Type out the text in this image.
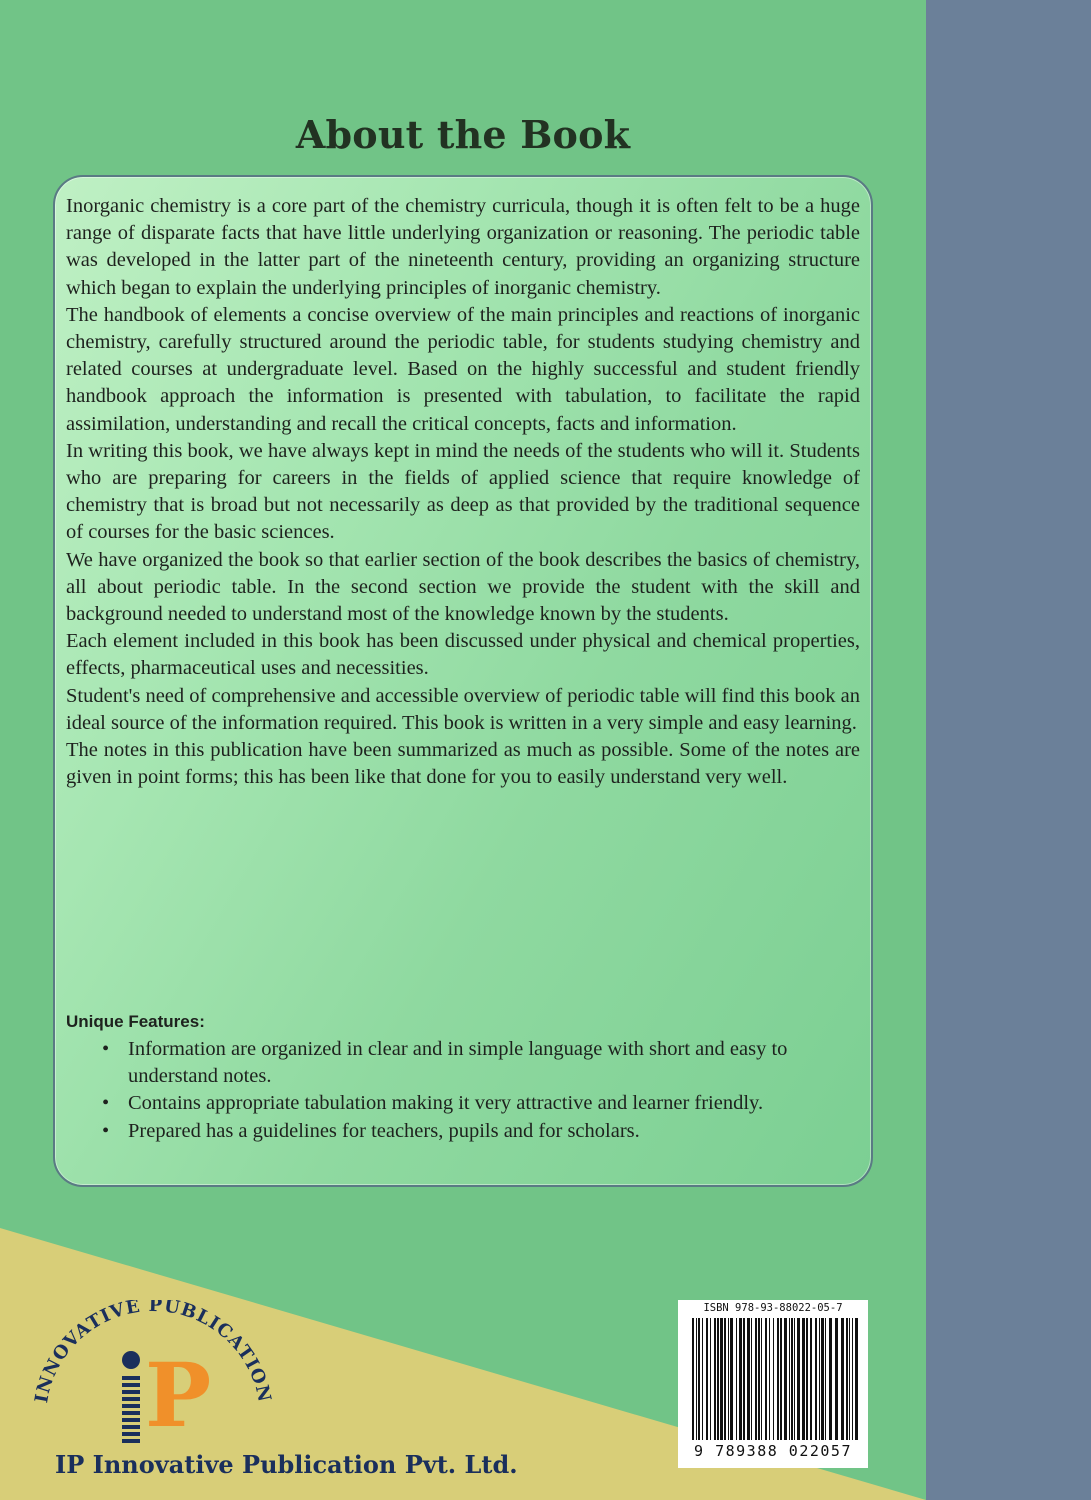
About the Book

Inorganic chemistry is a core part of the chemistry curricula, though it is often felt to be a huge range of disparate facts that have little underlying organization or reasoning. The periodic table was developed in the latter part of the nineteenth century, providing an organizing structure which began to explain the underlying principles of inorganic chemistry.

The handbook of elements a concise overview of the main principles and reactions of inorganic chemistry, carefully structured around the periodic table, for students studying chemistry and related courses at undergraduate level. Based on the highly successful and student friendly handbook approach the information is presented with tabulation, to facilitate the rapid assimilation, understanding and recall the critical concepts, facts and information.

In writing this book, we have always kept in mind the needs of the students who will it. Students who are preparing for careers in the fields of applied science that require knowledge of chemistry that is broad but not necessarily as deep as that provided by the traditional sequence of courses for the basic sciences.

We have organized the book so that earlier section of the book describes the basics of chemistry, all about periodic table. In the second section we provide the student with the skill and background needed to understand most of the knowledge known by the students.

Each element included in this book has been discussed under physical and chemical properties, effects, pharmaceutical uses and necessities.

Student's need of comprehensive and accessible overview of periodic table will find this book an ideal source of the information required. This book is written in a very simple and easy learning.

The notes in this publication have been summarized as much as possible. Some of the notes are given in point forms; this has been like that done for you to easily understand very well.

Unique Features:
• Information are organized in clear and in simple language with short and easy to understand notes.
• Contains appropriate tabulation making it very attractive and learner friendly.
• Prepared has a guidelines for teachers, pupils and for scholars.
INNOVATIVE PUBLICATION
P
ISBN 978-93-88022-05-7
9 789388 022057
IP Innovative Publication Pvt. Ltd.
